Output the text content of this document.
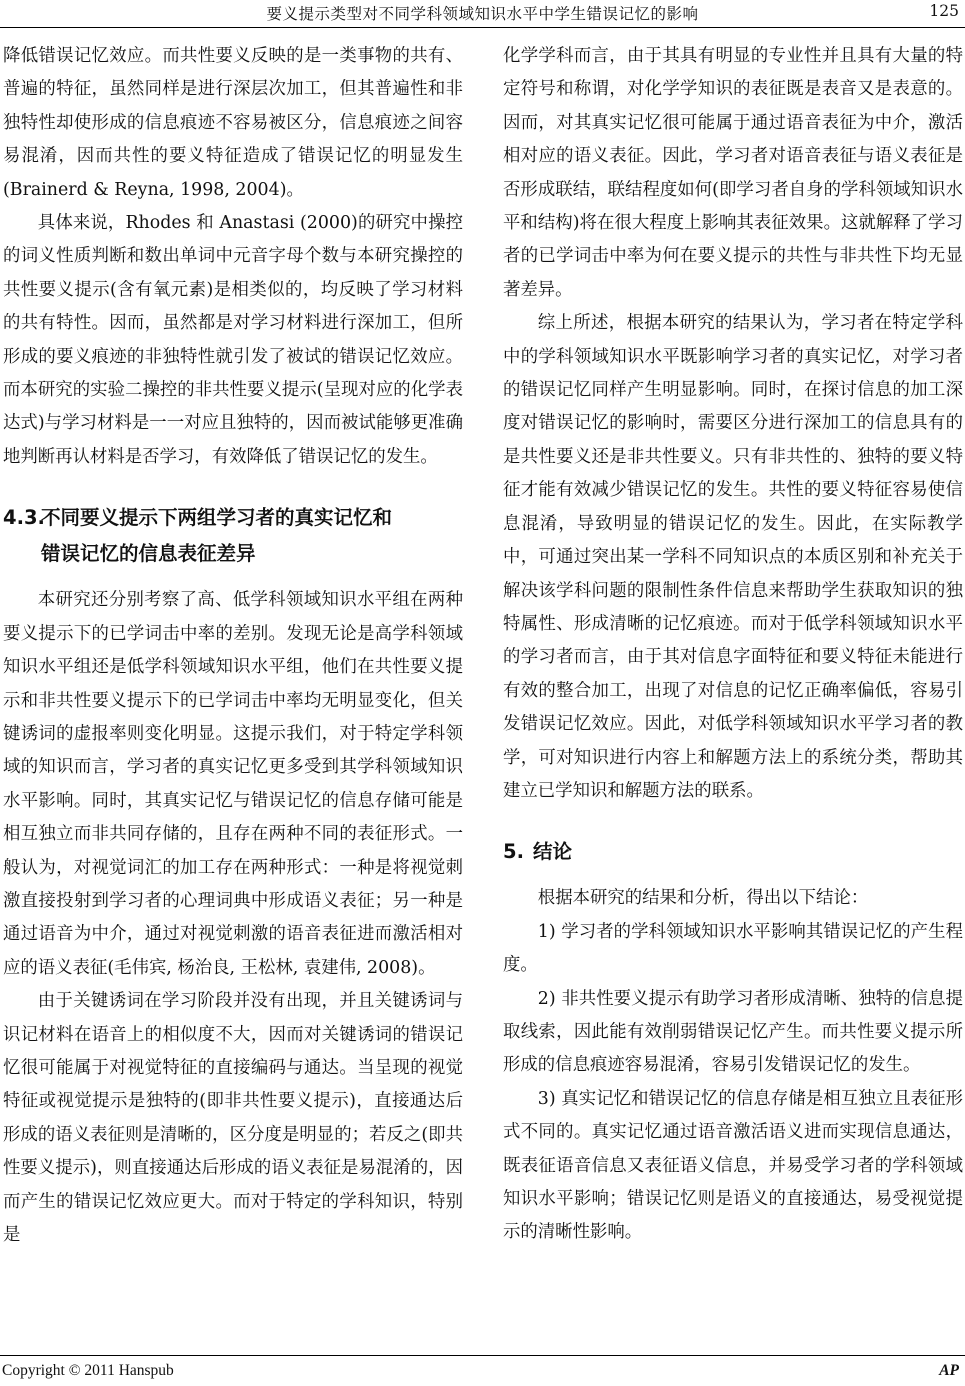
要义提示类型对不同学科领域知识水平中学生错误记忆的影响	125

降低错误记忆效应。而共性要义反映的是一类事物的共有、普遍的特征，虽然同样是进行深层次加工，但其普遍性和非独特性却使形成的信息痕迹不容易被区分，信息痕迹之间容易混淆，因而共性的要义特征造成了错误记忆的明显发生(Brainerd & Reyna, 1998, 2004)。

具体来说，Rhodes 和 Anastasi (2000)的研究中操控的词义性质判断和数出单词中元音字母个数与本研究操控的共性要义提示(含有氧元素)是相类似的，均反映了学习材料的共有特性。因而，虽然都是对学习材料进行深加工，但所形成的要义痕迹的非独特性就引发了被试的错误记忆效应。而本研究的实验二操控的非共性要义提示(呈现对应的化学表达式)与学习材料是一一对应且独特的，因而被试能够更准确地判断再认材料是否学习，有效降低了错误记忆的发生。

4.3.不同要义提示下两组学习者的真实记忆和
错误记忆的信息表征差异

本研究还分别考察了高、低学科领域知识水平组在两种要义提示下的已学词击中率的差别。发现无论是高学科领域知识水平组还是低学科领域知识水平组，他们在共性要义提示和非共性要义提示下的已学词击中率均无明显变化，但关键诱词的虚报率则变化明显。这提示我们，对于特定学科领域的知识而言，学习者的真实记忆更多受到其学科领域知识水平影响。同时，其真实记忆与错误记忆的信息存储可能是相互独立而非共同存储的，且存在两种不同的表征形式。一般认为，对视觉词汇的加工存在两种形式：一种是将视觉刺激直接投射到学习者的心理词典中形成语义表征；另一种是通过语音为中介，通过对视觉刺激的语音表征进而激活相对应的语义表征(毛伟宾, 杨治良, 王松林, 袁建伟, 2008)。

由于关键诱词在学习阶段并没有出现，并且关键诱词与识记材料在语音上的相似度不大，因而对关键诱词的错误记忆很可能属于对视觉特征的直接编码与通达。当呈现的视觉特征或视觉提示是独特的(即非共性要义提示)，直接通达后形成的语义表征则是清晰的，区分度是明显的；若反之(即共性要义提示)，则直接通达后形成的语义表征是易混淆的，因而产生的错误记忆效应更大。而对于特定的学科知识，特别是

化学学科而言，由于其具有明显的专业性并且具有大量的特定符号和称谓，对化学学知识的表征既是表音又是表意的。因而，对其真实记忆很可能属于通过语音表征为中介，激活相对应的语义表征。因此，学习者对语音表征与语义表征是否形成联结，联结程度如何(即学习者自身的学科领域知识水平和结构)将在很大程度上影响其表征效果。这就解释了学习者的已学词击中率为何在要义提示的共性与非共性下均无显著差异。

综上所述，根据本研究的结果认为，学习者在特定学科中的学科领域知识水平既影响学习者的真实记忆，对学习者的错误记忆同样产生明显影响。同时，在探讨信息的加工深度对错误记忆的影响时，需要区分进行深加工的信息具有的是共性要义还是非共性要义。只有非共性的、独特的要义特征才能有效减少错误记忆的发生。共性的要义特征容易使信息混淆，导致明显的错误记忆的发生。因此，在实际教学中，可通过突出某一学科不同知识点的本质区别和补充关于解决该学科问题的限制性条件信息来帮助学生获取知识的独特属性、形成清晰的记忆痕迹。而对于低学科领域知识水平的学习者而言，由于其对信息字面特征和要义特征未能进行有效的整合加工，出现了对信息的记忆正确率偏低，容易引发错误记忆效应。因此，对低学科领域知识水平学习者的教学，可对知识进行内容上和解题方法上的系统分类，帮助其建立已学知识和解题方法的联系。

5. 结论

根据本研究的结果和分析，得出以下结论：

1) 学习者的学科领域知识水平影响其错误记忆的产生程度。

2) 非共性要义提示有助学习者形成清晰、独特的信息提取线索，因此能有效削弱错误记忆产生。而共性要义提示所形成的信息痕迹容易混淆，容易引发错误记忆的发生。

3) 真实记忆和错误记忆的信息存储是相互独立且表征形式不同的。真实记忆通过语音激活语义进而实现信息通达，既表征语音信息又表征语义信息，并易受学习者的学科领域知识水平影响；错误记忆则是语义的直接通达，易受视觉提示的清晰性影响。

Copyright © 2011 Hanspub	AP
